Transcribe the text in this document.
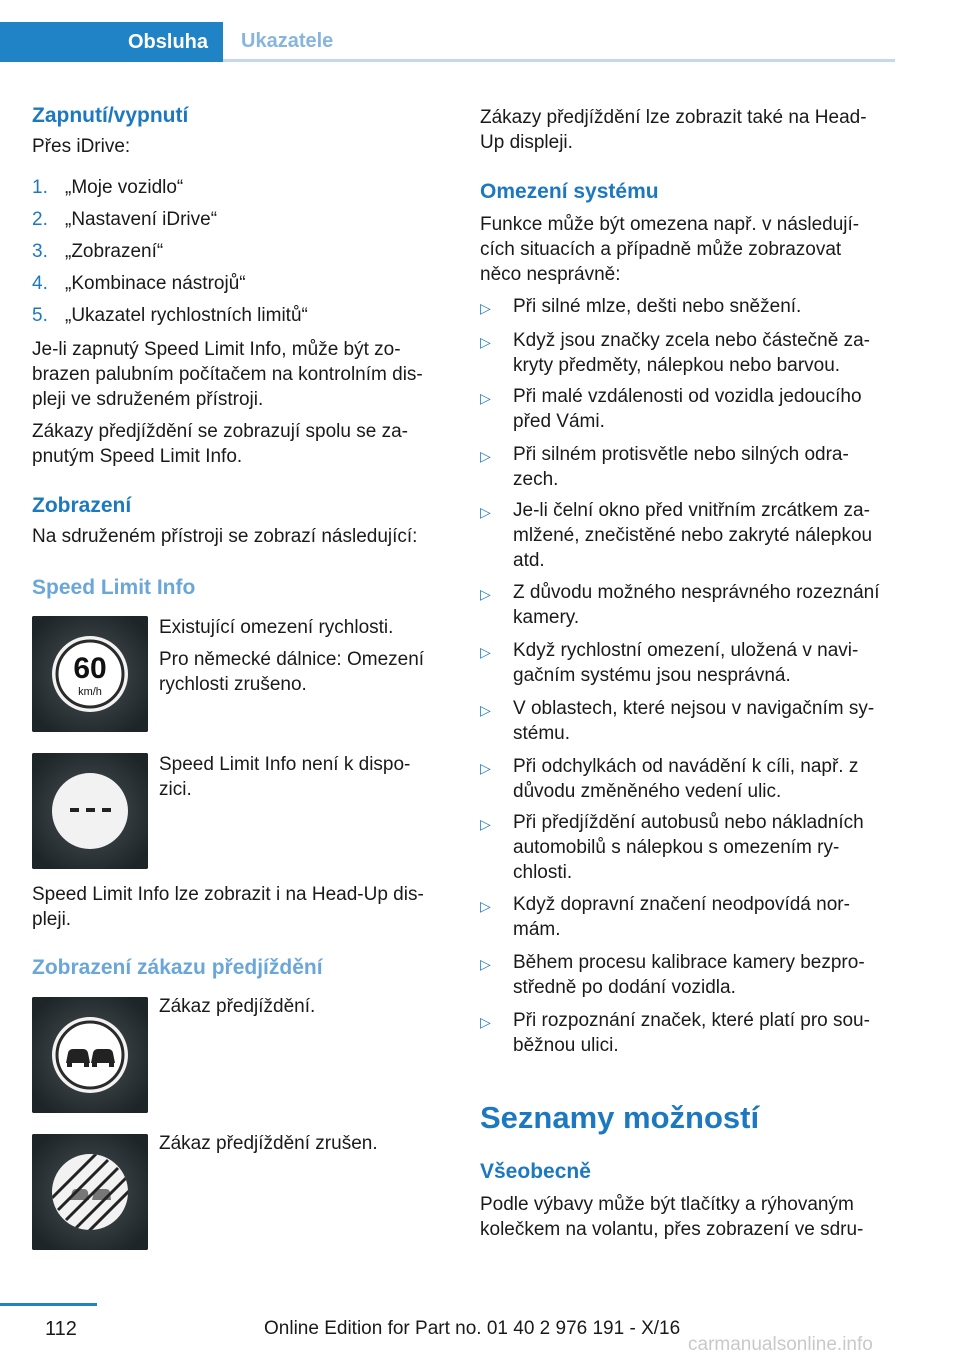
Obsluha Ukazatele
Zapnutí/vypnutí
Přes iDrive:
1. „Moje vozidlo“
2. „Nastavení iDrive“
3. „Zobrazení“
4. „Kombinace nástrojů“
5. „Ukazatel rychlostních limitů“
Je-li zapnutý Speed Limit Info, může být zo‐
brazen palubním počítačem na kontrolním dis‐
pleji ve sdruženém přístroji.
Zákazy předjíždění se zobrazují spolu se za‐
pnutým Speed Limit Info.
Zobrazení
Na sdruženém přístroji se zobrazí následující:
Speed Limit Info
60
km/h
Existující omezení rychlosti.
Pro německé dálnice: Omezení
rychlosti zrušeno.
Speed Limit Info není k dispo‐
zici.
Speed Limit Info lze zobrazit i na Head-Up dis‐
pleji.
Zobrazení zákazu předjíždění
Zákaz předjíždění.
Zákaz předjíždění zrušen.
Zákazy předjíždění lze zobrazit také na Head-
Up displeji.
Omezení systému
Funkce může být omezena např. v následují‐
cích situacích a případně může zobrazovat
něco nesprávně:
▷ Při silné mlze, dešti nebo sněžení.
▷ Když jsou značky zcela nebo částečně za‐
kryty předměty, nálepkou nebo barvou.
▷ Při malé vzdálenosti od vozidla jedoucího
před Vámi.
▷ Při silném protisvětle nebo silných odra‐
zech.
▷ Je-li čelní okno před vnitřním zrcátkem za‐
mlžené, znečistěné nebo zakryté nálepkou
atd.
▷ Z důvodu možného nesprávného rozeznání
kamery.
▷ Když rychlostní omezení, uložená v navi‐
gačním systému jsou nesprávná.
▷ V oblastech, které nejsou v navigačním sy‐
stému.
▷ Při odchylkách od navádění k cíli, např. z
důvodu změněného vedení ulic.
▷ Při předjíždění autobusů nebo nákladních
automobilů s nálepkou s omezením ry‐
chlosti.
▷ Když dopravní značení neodpovídá nor‐
mám.
▷ Během procesu kalibrace kamery bezpro‐
středně po dodání vozidla.
▷ Při rozpoznání značek, které platí pro sou‐
běžnou ulici.
Seznamy možností
Všeobecně
Podle výbavy může být tlačítky a rýhovaným
kolečkem na volantu, přes zobrazení ve sdru‐
112	Online Edition for Part no. 01 40 2 976 191 - X/16
carmanualsonline.info
